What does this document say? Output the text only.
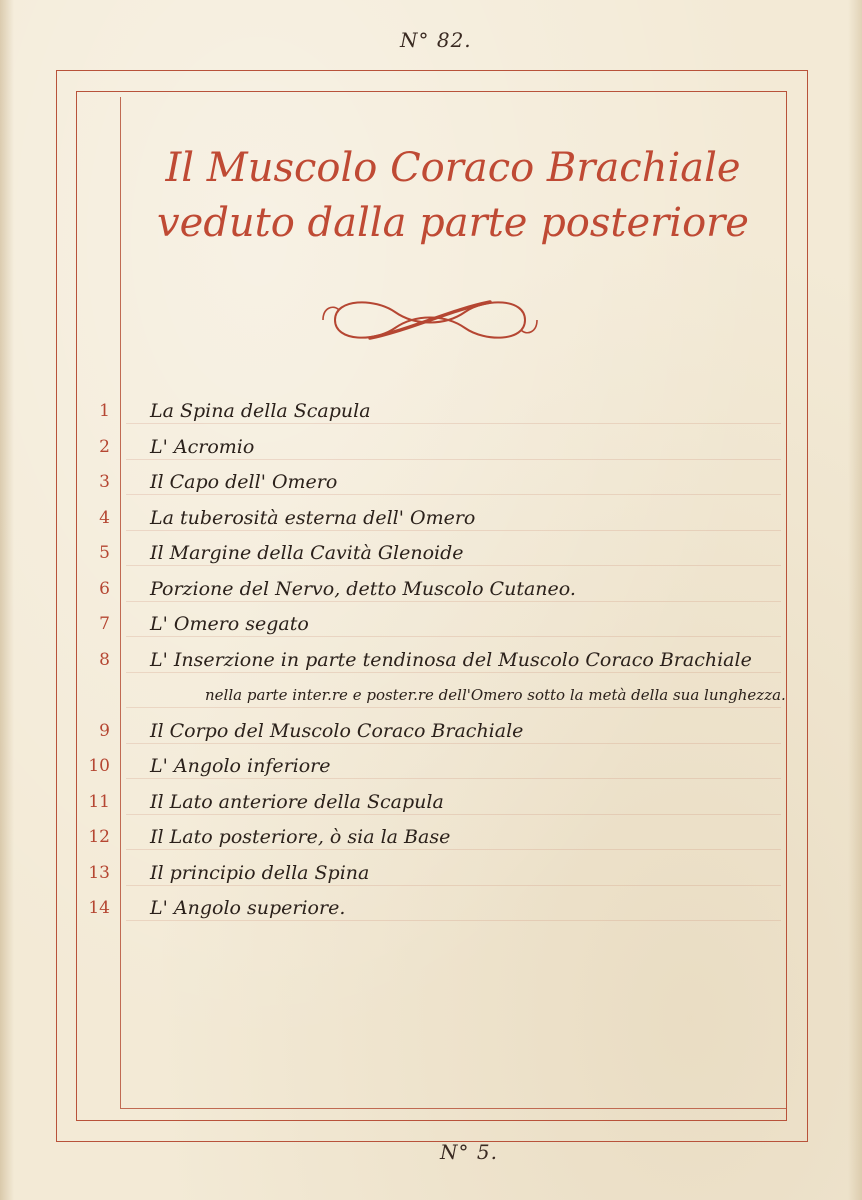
N° 82.
Il Muscolo Coraco Brachiale
veduto dalla parte posteriore
1 La Spina della Scapula
2 L' Acromio
3 Il Capo dell' Omero
4 La tuberosità esterna dell' Omero
5 Il Margine della Cavità Glenoide
6 Porzione del Nervo, detto Muscolo Cutaneo.
7 L' Omero segato
8 L' Inserzione in parte tendinosa del Muscolo Coraco Brachiale
nella parte inter.re e poster.re dell'Omero sotto la metà della sua lunghezza.
9 Il Corpo del Muscolo Coraco Brachiale
10 L' Angolo inferiore
11 Il Lato anteriore della Scapula
12 Il Lato posteriore, ò sia la Base
13 Il principio della Spina
14 L' Angolo superiore.
N° 5.
